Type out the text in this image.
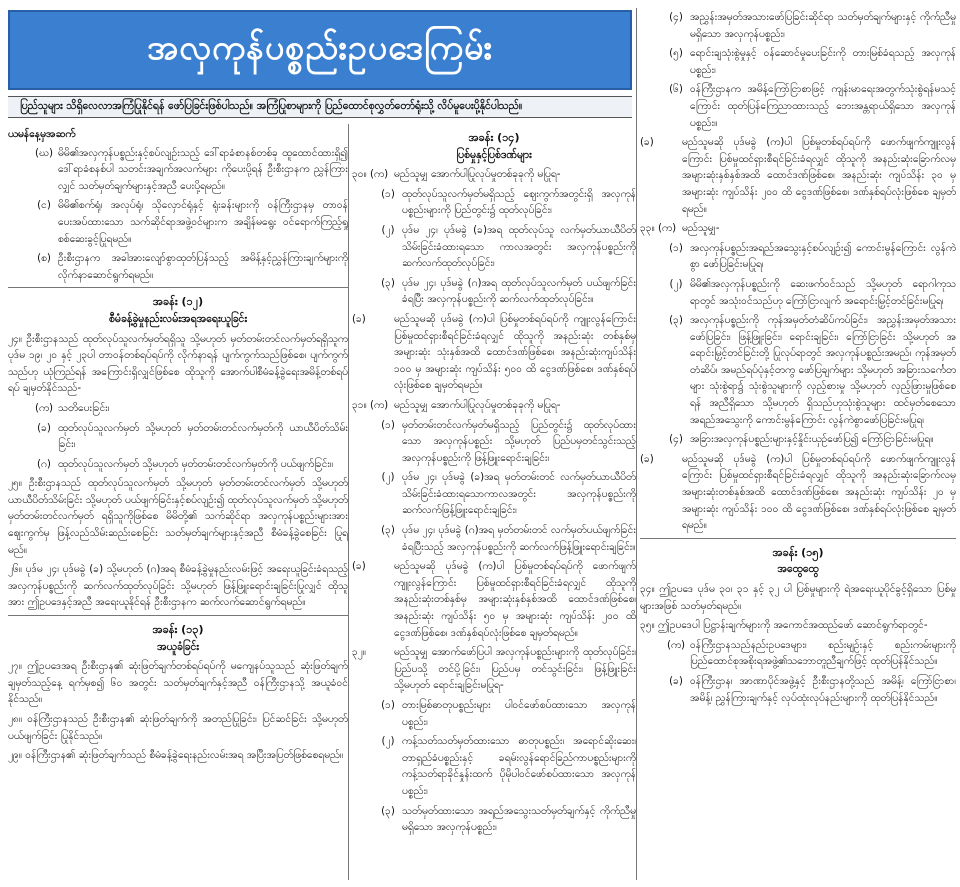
အလှကုန်ပစ္စည်းဥပဒေကြမ်း
ပြည်သူများ သိရှိလေလာအကြံပြုနိုင်ရန် ဖော်ပြခြင်းဖြစ်ပါသည်။ အကြံပြုစာများကို ပြည်ထောင်စုလွှတ်တော်ရုံးသို့ လိပ်မူပေးပို့နိုင်ပါသည်။
ယမန်နေ့မှအဆက်
(ဃ) မိမိ၏အလှကုန်ပစ္စည်းနှင့်စပ်လျဉ်းသည့် ဒေါ်ရာခံစာနစ်တစ်ခု ထူထောင်ထားရှိ၍ ဒေါ်ရာခံစနစ်ပါ သတင်းအချက်အလက်များ ကိုပေးပို့ရန် ဦးစီးဌာနက ညွှန်ကြားလျှင် သတ်မှတ်ချက်များနှင့်အညီ ပေးပို့ရမည်။
(င) မိမိ၏စက်ရုံ၊ အလုပ်ရုံ၊ သိုလှောင်ရုံနှင့် ရုံးခန်းများကို ဝန်ကြီးဌာနမှ တာဝန်ပေးအပ်ထားသော သက်ဆိုင်ရာအဖွဲ့ဝင်များက အချိန်မရွေး ဝင်ရောက်ကြည့်ရှု စစ်ဆေးခွင့်ပြုရမည်။
(စ) ဦးစီးဌာနက အခါအားလျော်စွာထုတ်ပြန်သည့် အမိန့်နှင့်ညွှန်ကြားချက်များကိုလိုက်နာဆောင်ရွက်ရမည်။
အခန်း (၁၂)
စီမံခန့်ခွဲမှုနည်းလမ်းအရအရေးယူခြင်း
၂၄။ ဦးစီးဌာနသည် ထုတ်လုပ်သူလက်မှတ်ရရှိသူ သို့မဟုတ် မှတ်တမ်းတင်လက်မှတ်ရရှိသူက ပုဒ်မ ၁၉၊ ၂၀ နှင့် ၂၃ပါ တာဝန်တစ်ရပ်ရပ်ကို လိုက်နာရန် ပျက်ကွက်သည်ဖြစ်စေ၊ ပျက်ကွက်သည်ဟု ယုံကြည်ရန် အကြောင်းရှိလျှင်ဖြစ်စေ ထိုသူကို အောက်ပါစီမံခန့်ခွဲရေးအမိန့်တစ်ရပ်ရပ် ချမှတ်နိုင်သည်-
(က) သတိပေးခြင်း၊
(ခ) ထုတ်လုပ်သူလက်မှတ် သို့မဟုတ် မှတ်တမ်းတင်လက်မှတ်ကို ယာယီပိတ်သိမ်းခြင်း၊
(ဂ) ထုတ်လုပ်သူလက်မှတ် သို့မဟုတ် မှတ်တမ်းတင်လက်မှတ်ကို ပယ်ဖျက်ခြင်း။
၂၅။ ဦးစီးဌာနသည် ထုတ်လုပ်သူလက်မှတ် သို့မဟုတ် မှတ်တမ်းတင်လက်မှတ် သို့မဟုတ် ယာယီပိတ်သိမ်းခြင်း သို့မဟုတ် ပယ်ဖျက်ခြင်းနှင့်စပ်လျဉ်း၍ ထုတ်လုပ်သူလက်မှတ် သို့မဟုတ် မှတ်တမ်းတင်လက်မှတ် ရရှိသူကိုဖြစ်စေ မိမိတို့၏ သက်ဆိုင်ရာ အလှကုန်ပစ္စည်းများအား ဈေးကွက်မှ ဖြန့်လည်သိမ်းဆည်းစေခြင်း သတ်မှတ်ချက်များနှင့်အညီ စီမံခန့်ခွဲစေခြင်း ပြုရမည်။
၂၆။ ပုဒ်မ ၂၄၊ ပုဒ်မခွဲ (ခ) သို့မဟုတ် (ဂ)အရ စီမံခန့်ခွဲမှုနည်းလမ်းဖြင့် အရေးယူခြင်းခံရသည့် အလှကုန်ပစ္စည်းကို ဆက်လက်ထုတ်လုပ်ခြင်း သို့မဟုတ် ဖြန့်ဖြူးရောင်းချခြင်းပြုလျှင် ထိုသူအား ဤဥပဒေနှင့်အညီ အရေးယူနိုင်ရန် ဦးစီးဌာနက ဆက်လက်ဆောင်ရွက်ရမည်။
အခန်း (၁၃)
အယူခံခြင်း
၂၇။ ဤဥပဒေအရ ဦးစီးဌာန၏ ဆုံးဖြတ်ချက်တစ်ရပ်ရပ်ကို မကျေနပ်သူသည် ဆုံးဖြတ်ချက် ချမှတ်သည့်နေ့ ရက်မှစ၍ ၆၀ အတွင်း သတ်မှတ်ချက်နှင့်အညီ ဝန်ကြီးဌာနသို့ အယူခံဝင်နိုင်သည်။
၂၈။ ဝန်ကြီးဌာနသည် ဦးစီးဌာန၏ ဆုံးဖြတ်ချက်ကို အတည်ပြုခြင်း၊ ပြင်ဆင်ခြင်း သို့မဟုတ် ပယ်ဖျက်ခြင်း ပြုနိုင်သည်။
၂၉။ ဝန်ကြီးဌာန၏ ဆုံးဖြတ်ချက်သည် စီမံခန့်ခွဲရေးနည်းလမ်းအရ အပြီးအပြတ်ဖြစ်စေရမည်။
အခန်း (၁၄)
ပြစ်မှုနှင့်ပြစ်ဒဏ်များ
၃၀။ (က) မည်သူမျှ အောက်ပါပြုလုပ်မှုတစ်ခုခုကို မပြုရ-
(၁) ထုတ်လုပ်သူလက်မှတ်မရှိသည့် ဈေးကွက်အတွင်းရှိ အလှကုန်ပစ္စည်းများကို ပြည်တွင်း၌ ထုတ်လုပ်ခြင်း၊
(၂) ပုဒ်မ ၂၄၊ ပုဒ်မခွဲ (ခ)အရ ထုတ်လုပ်သူ လက်မှတ်ယာယီပိတ်သိမ်းခြင်းခံထားရသော ကာလအတွင်း အလှကုန်ပစ္စည်းကို ဆက်လက်ထုတ်လုပ်ခြင်း၊
(၃) ပုဒ်မ ၂၄၊ ပုဒ်မခွဲ (ဂ)အရ ထုတ်လုပ်သူလက်မှတ် ပယ်ဖျက်ခြင်းခံရပြီး အလှကုန်ပစ္စည်းကို ဆက်လက်ထုတ်လုပ်ခြင်း။
(ခ)	မည်သူမဆို ပုဒ်မခွဲ (က)ပါ ပြစ်မှုတစ်ရပ်ရပ်ကို ကျူးလွန်ကြောင်း ပြစ်မှုထင်ရှားစီရင်ခြင်းခံရလျှင် ထိုသူကို အနည်းဆုံး တစ်နှစ်မှ အများဆုံး သုံးနှစ်အထိ ထောင်ဒဏ်ဖြစ်စေ၊ အနည်းဆုံးကျပ်သိန်း ၁၀၀ မှ အများဆုံး ကျပ်သိန်း ၅၀၀ ထိ ငွေဒဏ်ဖြစ်စေ၊ ဒဏ်နှစ်ရပ်လုံးဖြစ်စေ ချမှတ်ရမည်။
၃၁။ (က) မည်သူမျှ အောက်ပါပြုလုပ်မှုတစ်ခုခုကို မပြုရ-
(၁) မှတ်တမ်းတင်လက်မှတ်မရှိသည့် ပြည်တွင်း၌ ထုတ်လုပ်ထားသော အလှကုန်ပစ္စည်း သို့မဟုတ် ပြည်ပမှတင်သွင်းသည့် အလှကုန်ပစ္စည်းကို ဖြန့်ဖြူးရောင်းချခြင်း၊
(၂) ပုဒ်မ ၂၄၊ ပုဒ်မခွဲ (ခ)အရ မှတ်တမ်းတင် လက်မှတ်ယာယီပိတ်သိမ်းခြင်းခံထားရသောကာလအတွင်း အလှကုန်ပစ္စည်းကို ဆက်လက်ဖြန့်ဖြူးရောင်းချခြင်း၊
(၃) ပုဒ်မ ၂၄၊ ပုဒ်မခွဲ (ဂ)အရ မှတ်တမ်းတင် လက်မှတ်ပယ်ဖျက်ခြင်းခံရပြီးသည့် အလှကုန်ပစ္စည်းကို ဆက်လက်ဖြန့်ဖြူးရောင်းချခြင်း။
(ခ)	မည်သူမဆို ပုဒ်မခွဲ (က)ပါ ပြစ်မှုတစ်ရပ်ရပ်ကို ဖောက်ဖျက်ကျူးလွန်ကြောင်း ပြစ်မှုထင်ရှားစီရင်ခြင်းခံရလျှင် ထိုသူကို အနည်းဆုံးတစ်နှစ်မှ အများဆုံးနှစ်နှစ်အထိ ထောင်ဒဏ်ဖြစ်စေ၊ အနည်းဆုံး ကျပ်သိန်း ၅၀ မှ အများဆုံး ကျပ်သိန်း ၂၀၀ ထိ ငွေဒဏ်ဖြစ်စေ၊ ဒဏ်နှစ်ရပ်လုံးဖြစ်စေ ချမှတ်ရမည်။
၃၂။	မည်သူမျှ အောက်ဖော်ပြပါ အလှကုန်ပစ္စည်းများကို ထုတ်လုပ်ခြင်း၊ ပြည်ပသို့ တင်ပို့ခြင်း၊ ပြည်ပမှ တင်သွင်းခြင်း၊ ဖြန့်ဖြူးခြင်း သို့မဟုတ် ရောင်းချခြင်းမပြုရ-
(၁) တားမြစ်ဓာတုပစ္စည်းများ ပါဝင်ဖော်စပ်ထားသော အလှကုန်ပစ္စည်း၊
(၂) ကန့်သတ်သတ်မှတ်ထားသော ဓာတုပစ္စည်း၊ အရောင်ဆိုးဆေး၊ တာရှည်ခံပစ္စည်းနှင့် ခရမ်းလွန်ရောင်ခြည်ကာပစ္စည်းများကို ကန့်သတ်ရာခိုင်နှုန်းထက် ပိုမိုပါဝင်ဖော်စပ်ထားသော အလှကုန်ပစ္စည်း၊
(၃) သတ်မှတ်ထားသော အရည်အသွေးသတ်မှတ်ချက်နှင့် ကိုက်ညီမှုမရှိသော အလှကုန်ပစ္စည်း၊
(၄) အညွှန်းအမှတ်အသားဖော်ပြခြင်းဆိုင်ရာ သတ်မှတ်ချက်များနှင့် ကိုက်ညီမှုမရှိသော အလှကုန်ပစ္စည်း၊
(၅) ရောင်းချသုံးစွဲမှုနှင့် ဝန်ဆောင်မှုပေးခြင်းကို တားမြစ်ခံရသည့် အလှကုန်ပစ္စည်း၊
(၆) ဝန်ကြီးဌာနက အမိန့်ကြော်ငြာစာဖြင့် ကျန်းမာရေးအတွက်သုံးစွဲရန်မသင့်ကြောင်း ထုတ်ပြန်ကြေညာထားသည့် ဘေးအန္တရာယ်ရှိသော အလှကုန်ပစ္စည်း။
(ခ)	မည်သူမဆို ပုဒ်မခွဲ (က)ပါ ပြစ်မှုတစ်ရပ်ရပ်ကို ဖောက်ဖျက်ကျူးလွန်ကြောင်း ပြစ်မှုထင်ရှားစီရင်ခြင်းခံရလျှင် ထိုသူကို အနည်းဆုံးခြောက်လမှ အများဆုံးနှစ်နှစ်အထိ ထောင်ဒဏ်ဖြစ်စေ၊ အနည်းဆုံး ကျပ်သိန်း ၃၀ မှ အများဆုံး ကျပ်သိန်း ၂၀၀ ထိ ငွေဒဏ်ဖြစ်စေ၊ ဒဏ်နှစ်ရပ်လုံးဖြစ်စေ ချမှတ်ရမည်။
၃၃။ (က) မည်သူမျှ-
(၁) အလှကုန်ပစ္စည်းအရည်အသွေးနှင့်စပ်လျဉ်း၍ ကောင်းမွန်ကြောင်း လွန်ကဲစွာ ဖော်ပြခြင်းမပြုရ၊
(၂) မိမိ၏အလှကုန်ပစ္စည်းကို ဆေးဖက်ဝင်သည် သို့မဟုတ် ရောဂါကုသရာတွင် အသုံးဝင်သည်ဟု ကြော်ငြာလျက် အရောင်းမြှင့်တင်ခြင်းမပြုရ၊
(၃) အလှကုန်ပစ္စည်းကို ကုန်အမှတ်တံဆိပ်ကပ်ခြင်း၊ အညွှန်းအမှတ်အသား ဖော်ပြခြင်း၊ ဖြန့်ဖြူးခြင်း၊ ရောင်းချခြင်း၊ ကြော်ငြာခြင်း သို့မဟုတ် အရောင်းမြှင့်တင်ခြင်းတို့ ပြုလုပ်ရာတွင် အလှကုန်ပစ္စည်းအမည်၊ ကုန်အမှတ်တံဆိပ်၊ အမည်ရပ်ပုံနှင့်တကွ ဖော်ပြချက်များ သို့မဟုတ် အခြားသင်္ကေတများ သုံးစွဲရာ၌ သုံးစွဲသူများကို လှည့်စားမှု သို့မဟုတ် လှည့်ဖြားမှုဖြစ်စေရန် အညီရှိသော သို့မဟုတ် ရှိသည်ဟုသုံးစွဲသူများ ထင်မှတ်စေသော အရည်အသွေးကို ကောင်းမွန်ကြောင်း လွန်ကဲစွာဖော်ပြခြင်းမပြုရ၊
(၄) အခြားအလှကုန်ပစ္စည်းများနှင့်နှိုင်းယှဉ်ဖော်ပြ၍ ကြော်ငြာခြင်းမပြုရ။
(ခ)	မည်သူမဆို ပုဒ်မခွဲ (က)ပါ ပြစ်မှုတစ်ရပ်ရပ်ကို ဖောက်ဖျက်ကျူးလွန်ကြောင်း ပြစ်မှုထင်ရှားစီရင်ခြင်းခံရလျှင် ထိုသူကို အနည်းဆုံးခြောက်လမှ အများဆုံးတစ်နှစ်အထိ ထောင်ဒဏ်ဖြစ်စေ၊ အနည်းဆုံး ကျပ်သိန်း ၂၀ မှ အများဆုံး ကျပ်သိန်း ၁၀၀ ထိ ငွေဒဏ်ဖြစ်စေ၊ ဒဏ်နှစ်ရပ်လုံးဖြစ်စေ ချမှတ်ရမည်။
အခန်း (၁၅)
အထွေထွေ
၃၄။ ဤဥပဒေ ပုဒ်မ ၃၀၊ ၃၁ နှင့် ၃၂ ပါ ပြစ်မှုများကို ရဲအရေးယူပိုင်ခွင့်ရှိသော ပြစ်မှုများအဖြစ် သတ်မှတ်ရမည်။
၃၅။ ဤဥပဒေပါ ပြဋ္ဌာန်းချက်များကို အကောင်အထည်ဖော် ဆောင်ရွက်ရာတွင်-
(က) ဝန်ကြီးဌာနသည်နည်းဥပဒေများ၊ စည်းမျဉ်းနှင့် စည်းကမ်းများကို ပြည်ထောင်စုအစိုးရအဖွဲ့၏သဘောတူညီချက်ဖြင့် ထုတ်ပြန်နိုင်သည်။
(ခ) ဝန်ကြီးဌာန၊ အာဏာပိုင်အဖွဲ့နှင့် ဦးစီးဌာနတို့သည် အမိန့်၊ ကြော်ငြာစာ၊ အမိန့်၊ ညွှန်ကြားချက်နှင့် လုပ်ထုံးလုပ်နည်းများကို ထုတ်ပြန်နိုင်သည်။
